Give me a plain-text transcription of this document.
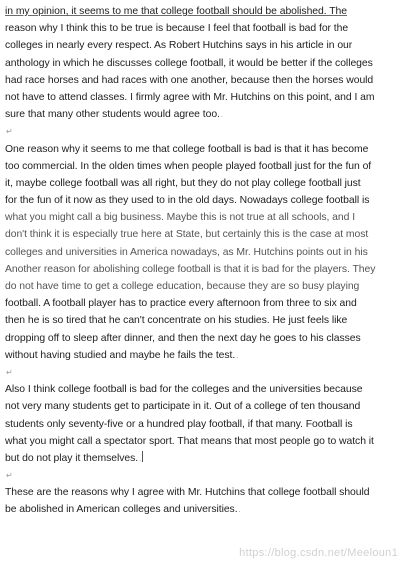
in my opinion, it seems to me that college football should be abolished. The
reason why I think this to be true is because I feel that football is bad for the
colleges in nearly every respect. As Robert Hutchins says in his article in our
anthology in which he discusses college football, it would be better if the colleges
had race horses and had races with one another, because then the horses would
not have to attend classes. I firmly agree with Mr. Hutchins on this point, and I am
sure that many other students would agree too..

↵

One reason why it seems to me that college football is bad is that it has become
too commercial. In the olden times when people played football just for the fun of
it, maybe college football was all right, but they do not play college football just
for the fun of it now as they used to in the old days. Nowadays college football is
what you might call a big business. Maybe this is not true at all schools, and I
don't think it is especially true here at State, but certainly this is the case at most
colleges and universities in America nowadays, as Mr. Hutchins points out in his
Another reason for abolishing college football is that it is bad for the players. They
do not have time to get a college education, because they are so busy playing
football. A football player has to practice every afternoon from three to six and
then he is so tired that he can't concentrate on his studies. He just feels like
dropping off to sleep after dinner, and then the next day he goes to his classes
without having studied and maybe he fails the test..

↵

Also I think college football is bad for the colleges and the universities because
not very many students get to participate in it. Out of a college of ten thousand
students only seventy-five or a hundred play football, if that many. Football is
what you might call a spectator sport. That means that most people go to watch it
but do not play it themselves..

↵

These are the reasons why I agree with Mr. Hutchins that college football should
be abolished in American colleges and universities..

https://blog.csdn.net/Meeloun1
